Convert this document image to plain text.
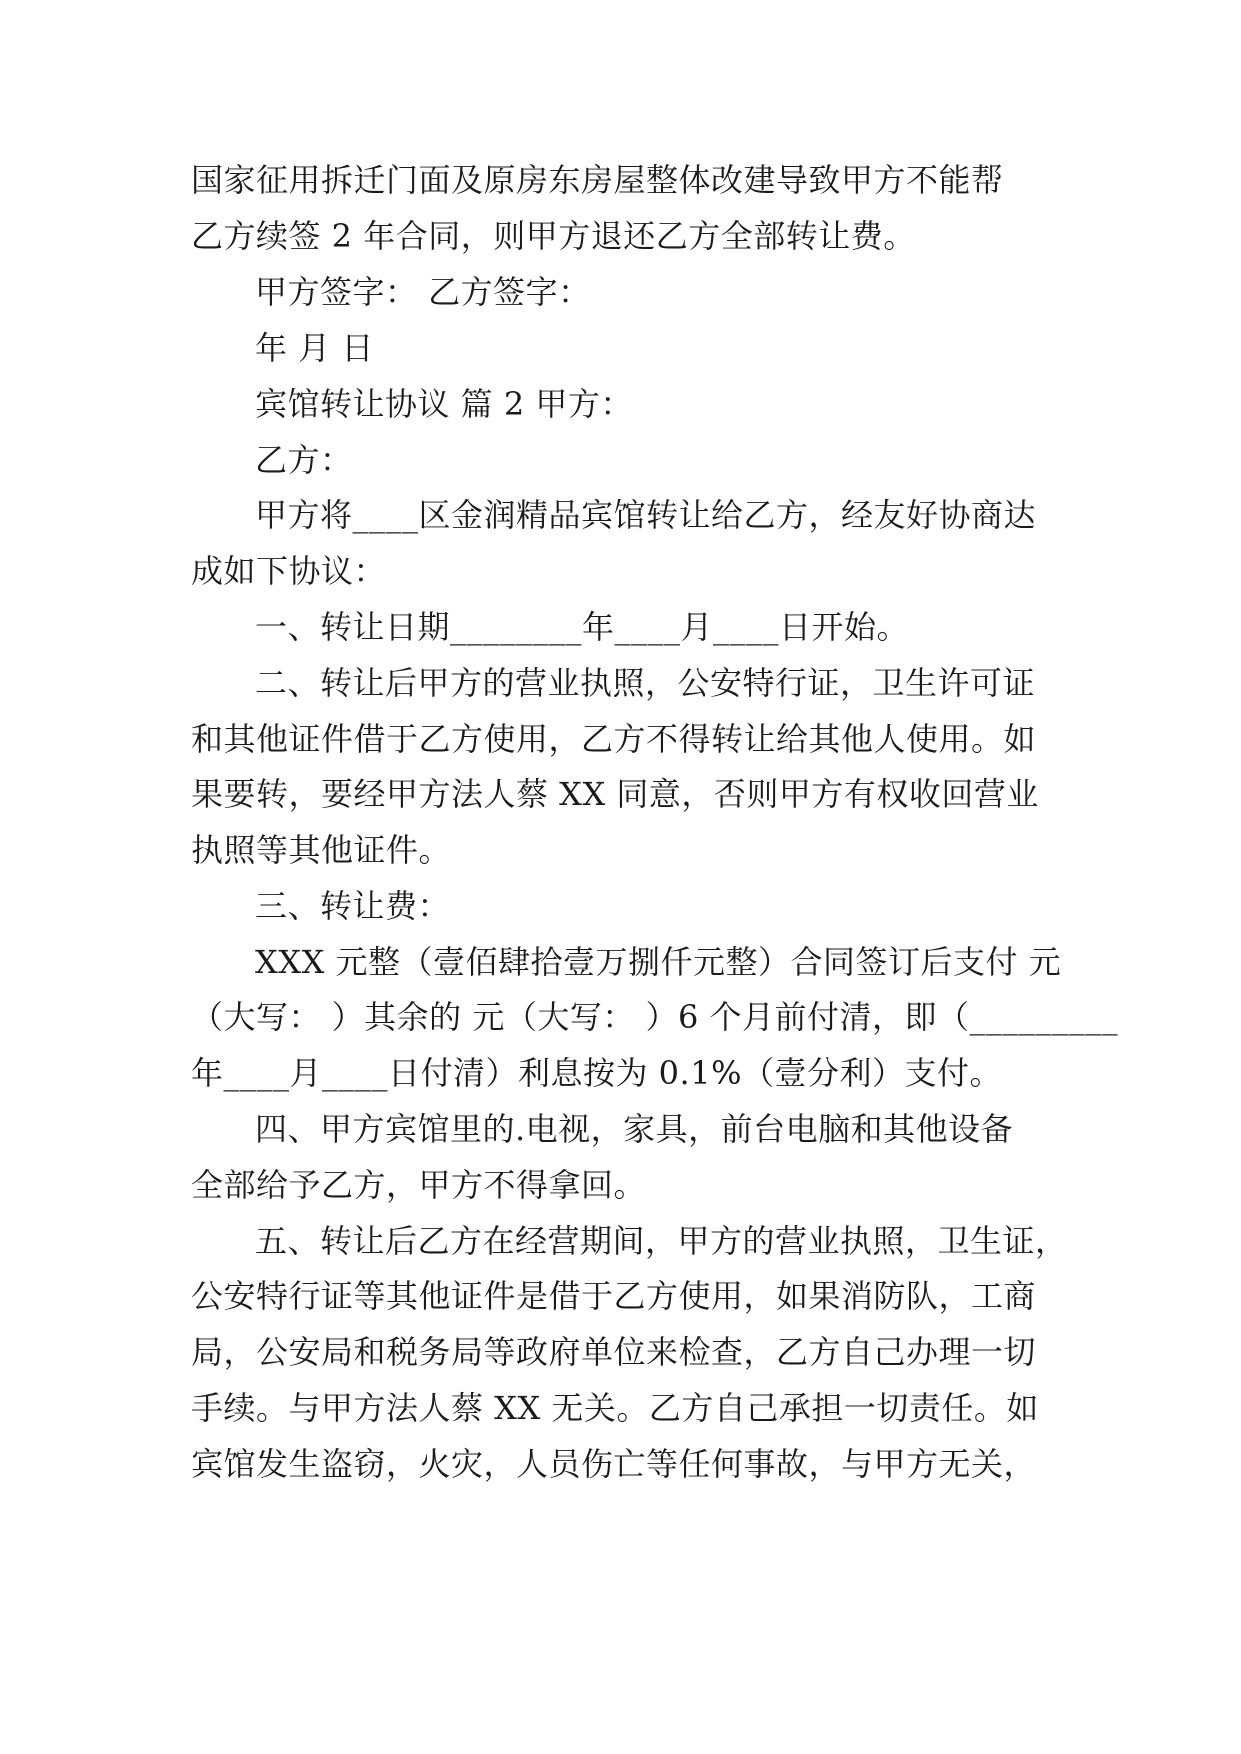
国家征用拆迁门面及原房东房屋整体改建导致甲方不能帮
乙方续签 2 年合同，则甲方退还乙方全部转让费。
甲方签字： 乙方签字：
年 月 日
宾馆转让协议 篇 2 甲方：
乙方：
甲方将____区金润精品宾馆转让给乙方，经友好协商达
成如下协议：
一、转让日期________年____月____日开始。
二、转让后甲方的营业执照，公安特行证，卫生许可证
和其他证件借于乙方使用，乙方不得转让给其他人使用。如
果要转，要经甲方法人蔡 XX 同意，否则甲方有权收回营业
执照等其他证件。
三、转让费：
XXX 元整（壹佰肆拾壹万捌仟元整）合同签订后支付 元
（大写： ）其余的 元（大写： ）6 个月前付清，即（_________
年____月____日付清）利息按为 0.1%（壹分利）支付。
四、甲方宾馆里的.电视，家具，前台电脑和其他设备
全部给予乙方，甲方不得拿回。
五、转让后乙方在经营期间，甲方的营业执照，卫生证，
公安特行证等其他证件是借于乙方使用，如果消防队，工商
局，公安局和税务局等政府单位来检查，乙方自己办理一切
手续。与甲方法人蔡 XX 无关。乙方自己承担一切责任。如
宾馆发生盗窃，火灾，人员伤亡等任何事故，与甲方无关，
